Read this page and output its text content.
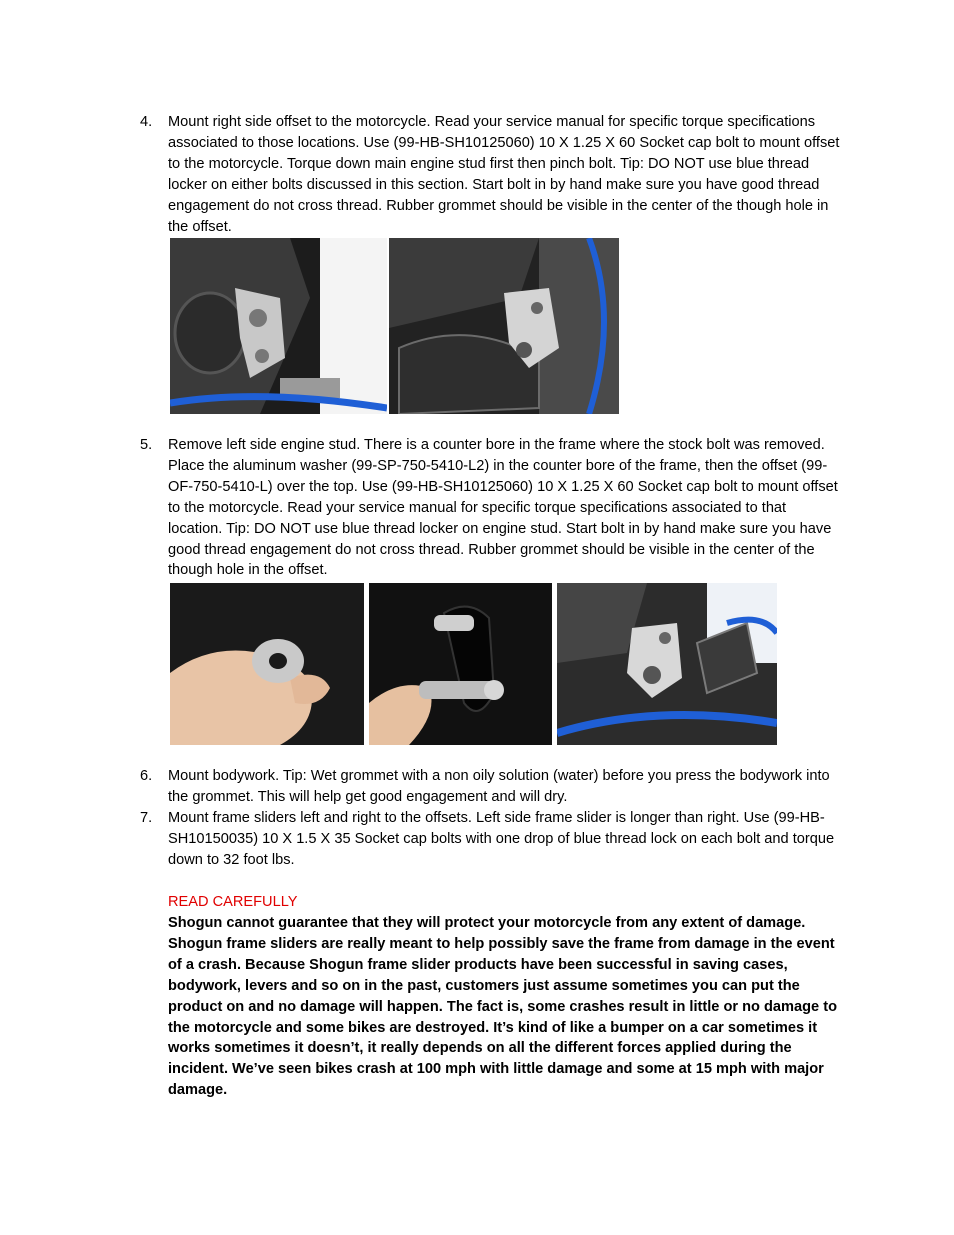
4.	Mount right side offset to the motorcycle. Read your service manual for specific torque specifications associated to those locations. Use (99-HB-SH10125060) 10 X 1.25 X 60 Socket cap bolt to mount offset to the motorcycle. Torque down main engine stud first then pinch bolt. Tip: DO NOT use blue thread locker on either bolts discussed in this section. Start bolt in by hand make sure you have good thread engagement do not cross thread. Rubber grommet should be visible in the center of the though hole in the offset.

5.	Remove left side engine stud. There is a counter bore in the frame where the stock bolt was removed. Place the aluminum washer (99-SP-750-5410-L2) in the counter bore of the frame, then the offset (99-OF-750-5410-L) over the top. Use (99-HB-SH10125060) 10 X 1.25 X 60 Socket cap bolt to mount offset to the motorcycle. Read your service manual for specific torque specifications associated to that location. Tip: DO NOT use blue thread locker on engine stud. Start bolt in by hand make sure you have good thread engagement do not cross thread. Rubber grommet should be visible in the center of the though hole in the offset.

6.	Mount bodywork. Tip: Wet grommet with a non oily solution (water) before you press the bodywork into the grommet. This will help get good engagement and will dry.

7.	Mount frame sliders left and right to the offsets. Left side frame slider is longer than right. Use (99-HB-SH10150035) 10 X 1.5 X 35 Socket cap bolts with one drop of blue thread lock on each bolt and torque down to 32 foot lbs.

READ CAREFULLY

Shogun cannot guarantee that they will protect your motorcycle from any extent of damage. Shogun frame sliders are really meant to help possibly save the frame from damage in the event of a crash. Because Shogun frame slider products have been successful in saving cases, bodywork, levers and so on in the past, customers just assume sometimes you can put the product on and no damage will happen. The fact is, some crashes result in little or no damage to the motorcycle and some bikes are destroyed. It’s kind of like a bumper on a car sometimes it works sometimes it doesn’t, it really depends on all the different forces applied during the incident. We’ve seen bikes crash at 100 mph with little damage and some at 15 mph with major damage.
